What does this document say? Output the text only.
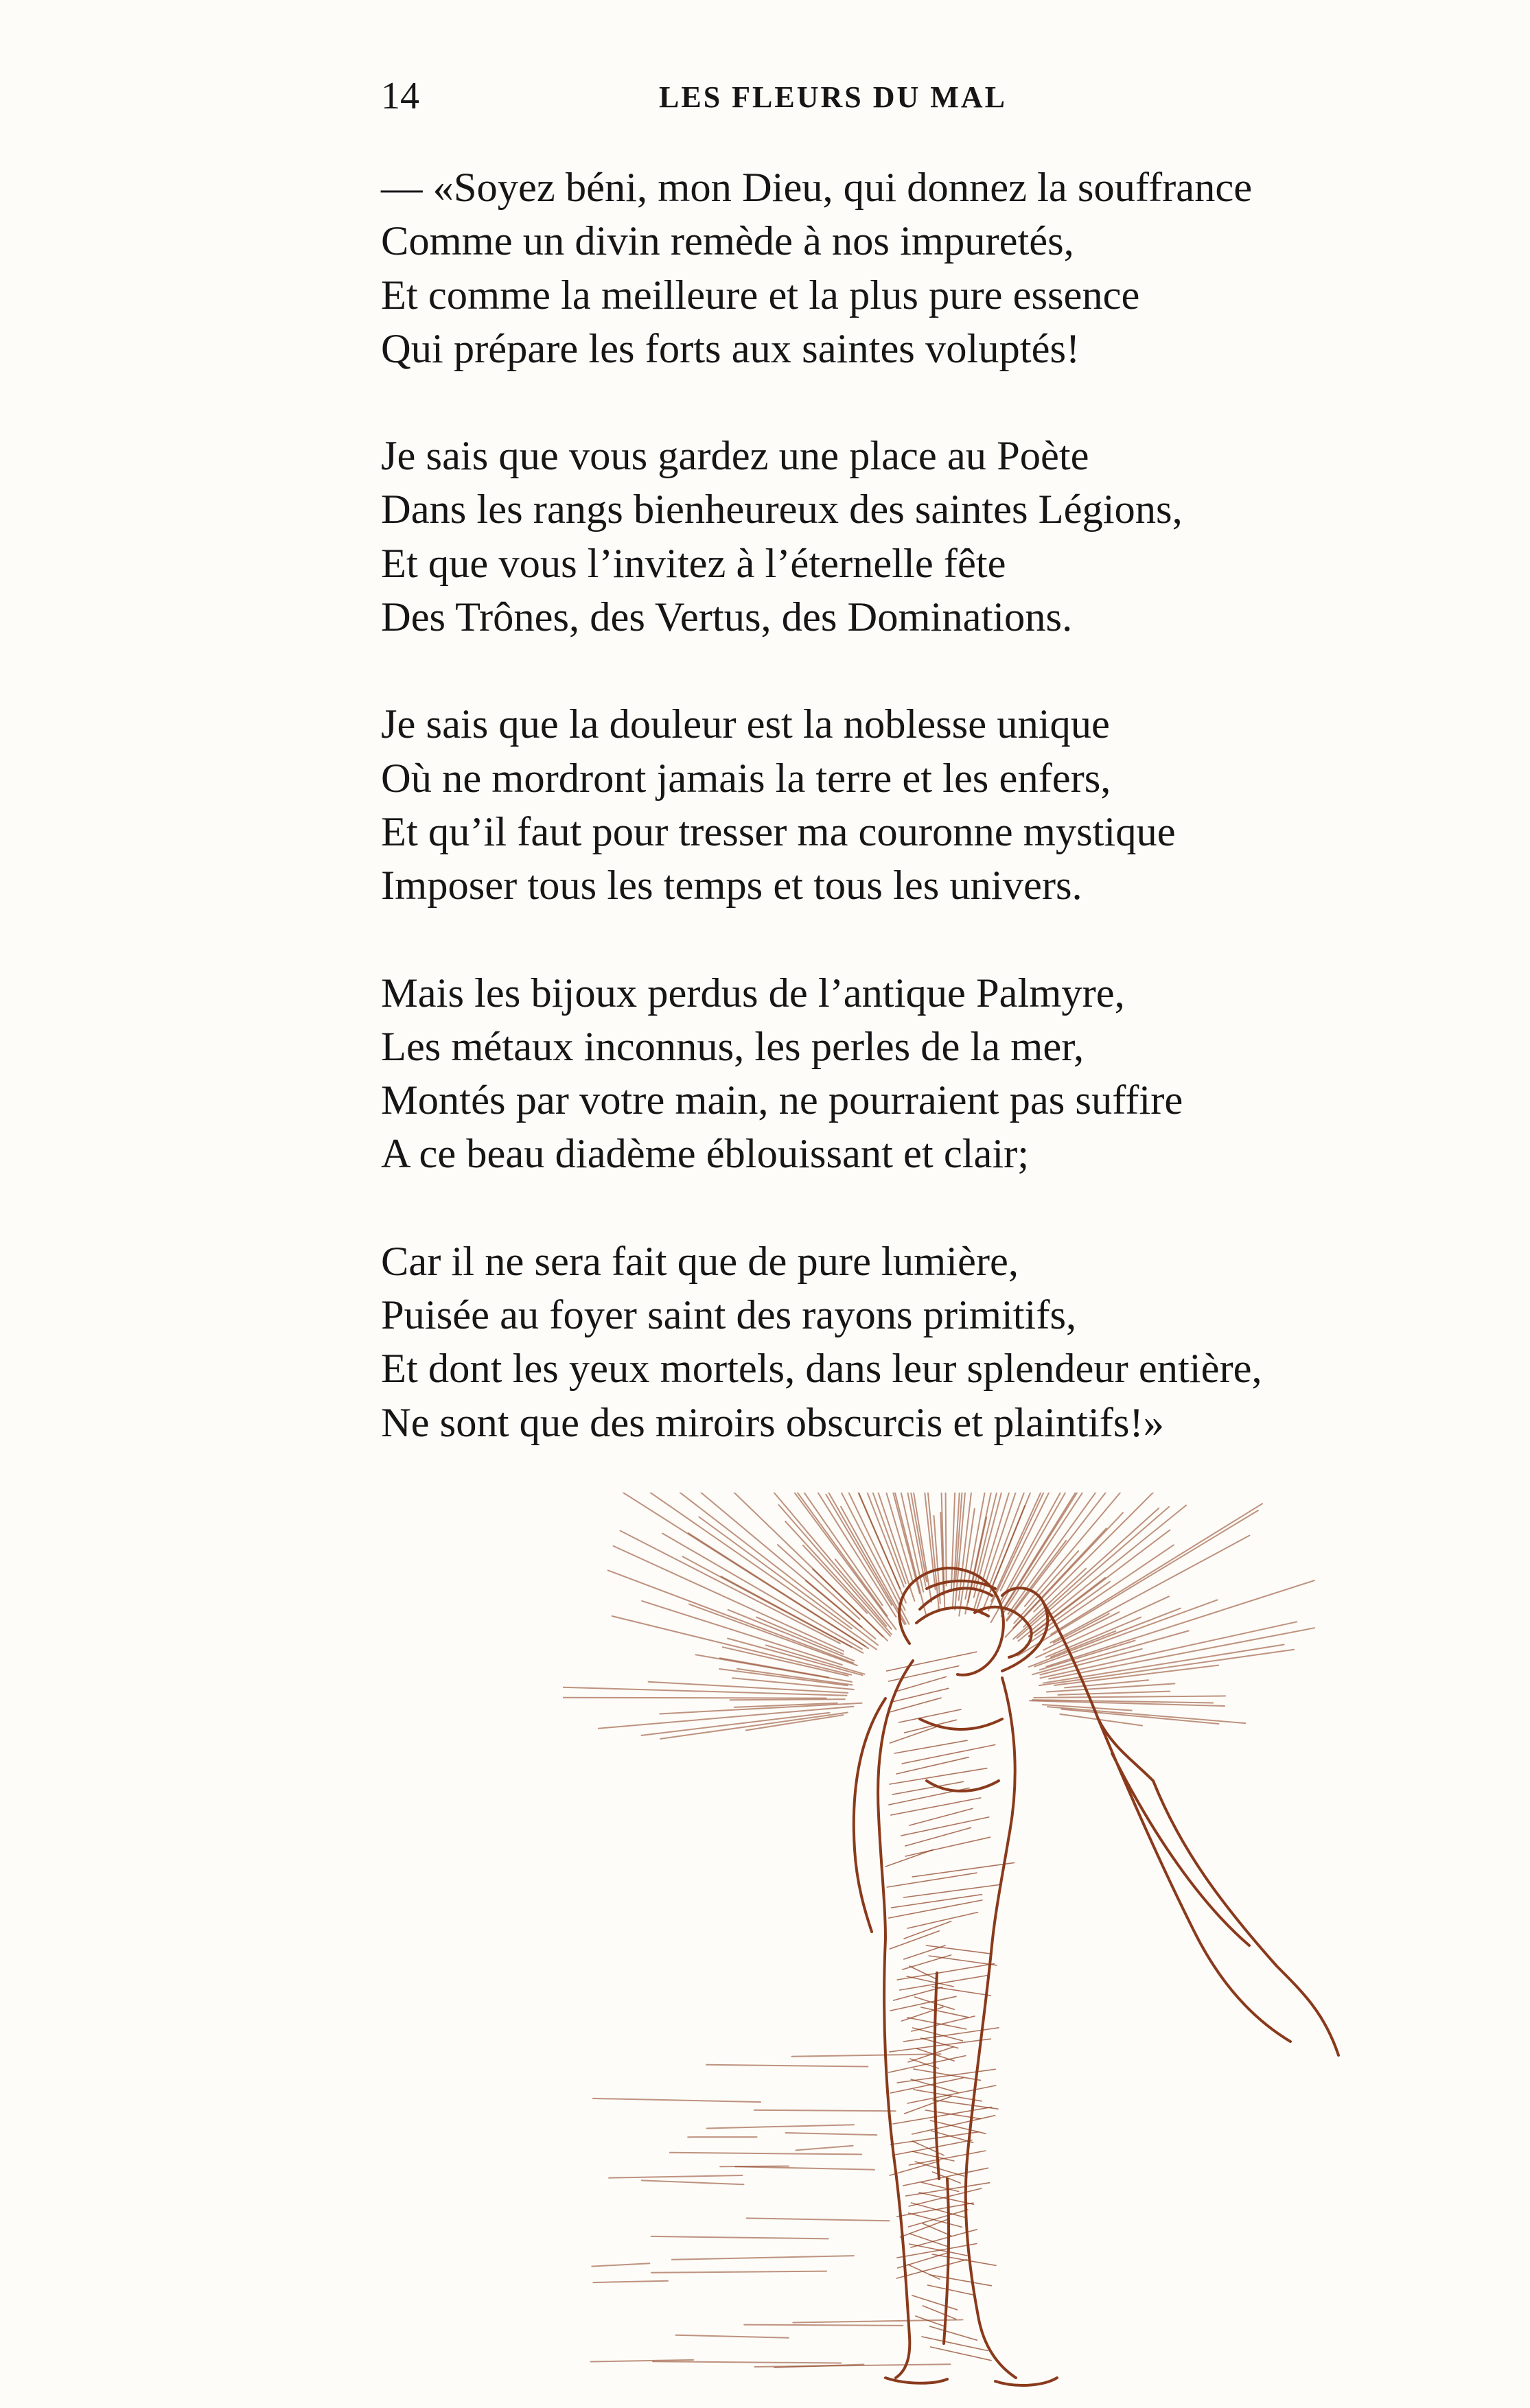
14	LES FLEURS DU MAL
— «Soyez béni, mon Dieu, qui donnez la souffrance
Comme un divin remède à nos impuretés,
Et comme la meilleure et la plus pure essence
Qui prépare les forts aux saintes voluptés!
Je sais que vous gardez une place au Poète
Dans les rangs bienheureux des saintes Légions,
Et que vous l’invitez à l’éternelle fête
Des Trônes, des Vertus, des Dominations.
Je sais que la douleur est la noblesse unique
Où ne mordront jamais la terre et les enfers,
Et qu’il faut pour tresser ma couronne mystique
Imposer tous les temps et tous les univers.
Mais les bijoux perdus de l’antique Palmyre,
Les métaux inconnus, les perles de la mer,
Montés par votre main, ne pourraient pas suffire
A ce beau diadème éblouissant et clair;
Car il ne sera fait que de pure lumière,
Puisée au foyer saint des rayons primitifs,
Et dont les yeux mortels, dans leur splendeur entière,
Ne sont que des miroirs obscurcis et plaintifs!»
